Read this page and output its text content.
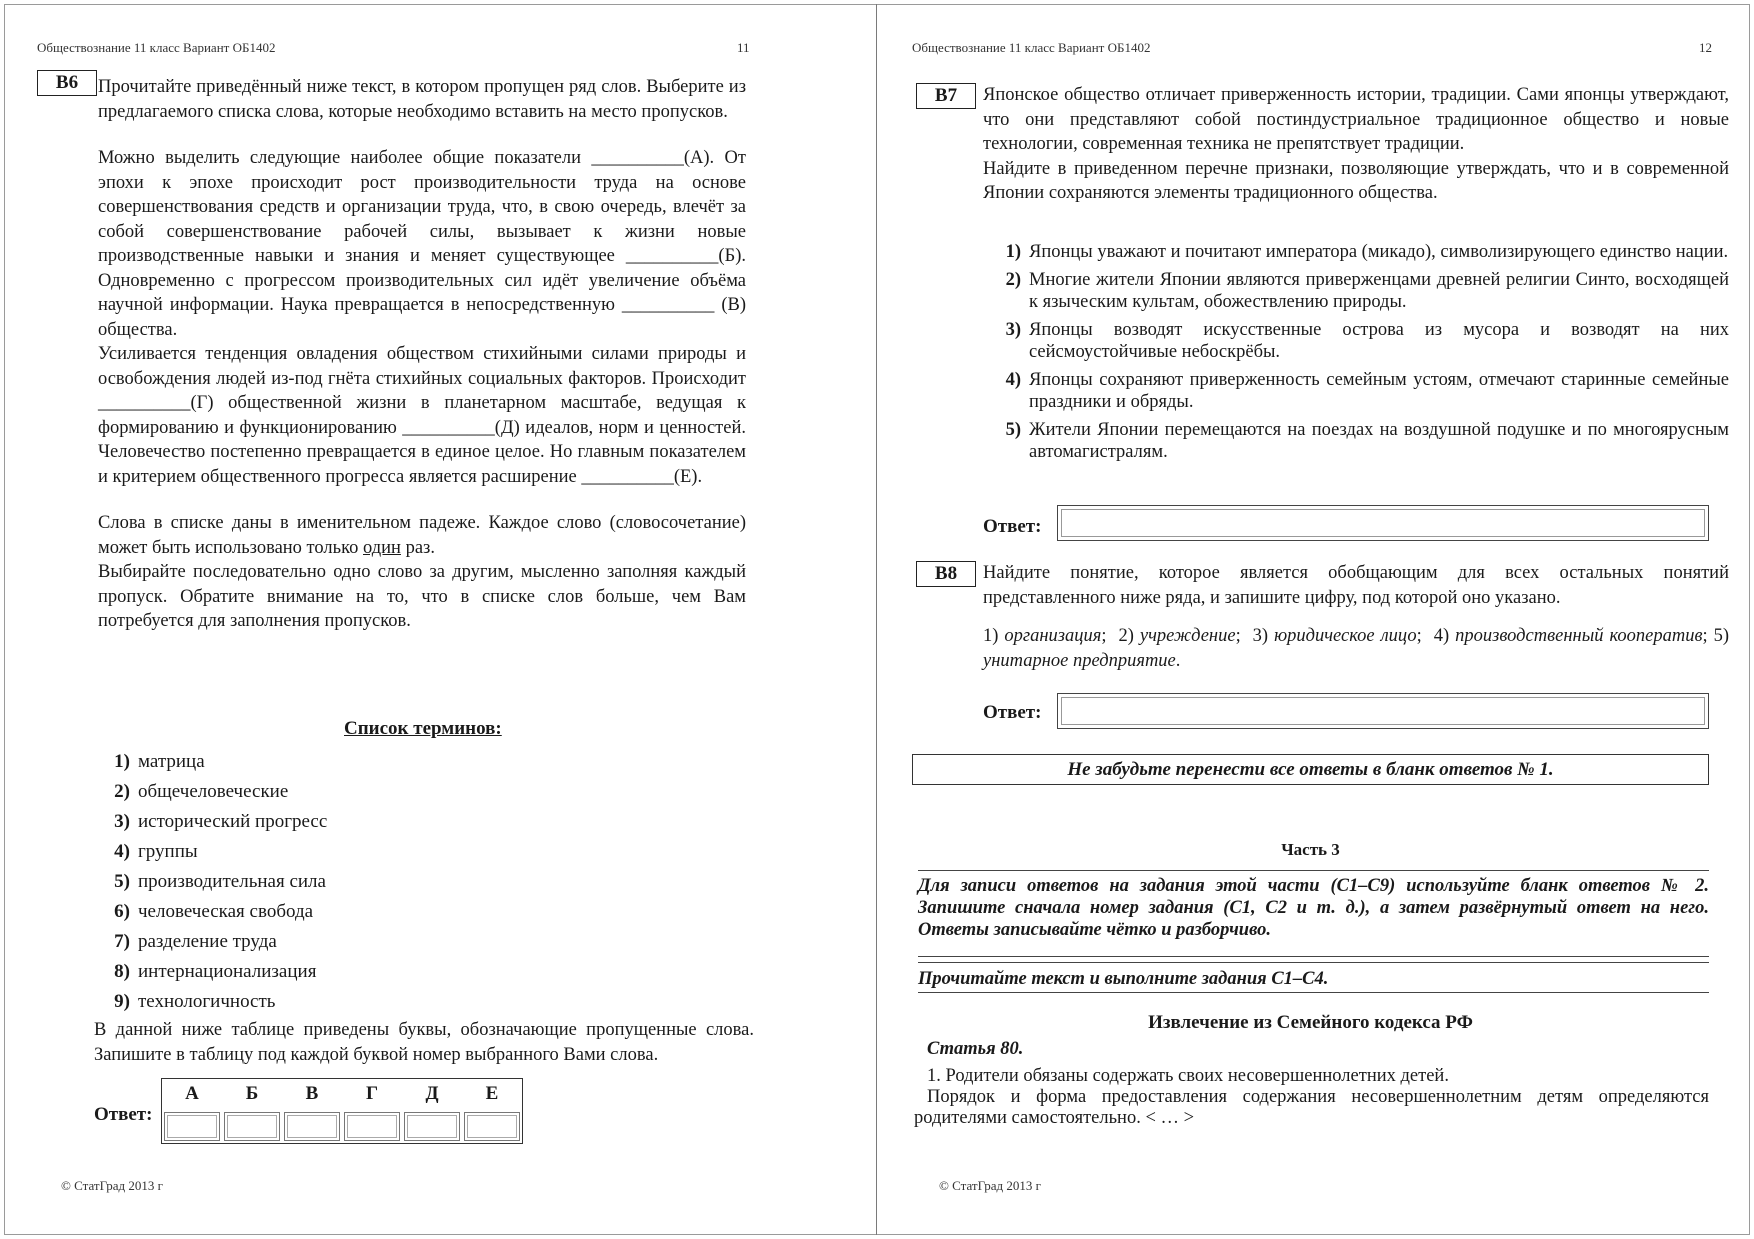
Обществознание 11 класс Вариант ОБ1402	11
В6	Прочитайте приведённый ниже текст, в котором пропущен ряд слов. Выберите из предлагаемого списка слова, которые необходимо вставить на место пропусков.

Можно выделить следующие наиболее общие показатели __________(А). От эпохи к эпохе происходит рост производительности труда на основе совершенствования средств и организации труда, что, в свою очередь, влечёт за собой совершенствование рабочей силы, вызывает к жизни новые производственные навыки и знания и меняет существующее __________(Б). Одновременно с прогрессом производительных сил идёт увеличение объёма научной информации. Наука превращается в непосредственную __________ (В) общества.

Усиливается тенденция овладения обществом стихийными силами природы и освобождения людей из-под гнёта стихийных социальных факторов. Происходит __________(Г) общественной жизни в планетарном масштабе, ведущая к формированию и функционированию __________(Д) идеалов, норм и ценностей. Человечество постепенно превращается в единое целое. Но главным показателем и критерием общественного прогресса является расширение __________(Е).

Слова в списке даны в именительном падеже. Каждое слово (словосочетание) может быть использовано только один раз.

Выбирайте последовательно одно слово за другим, мысленно заполняя каждый пропуск. Обратите внимание на то, что в списке слов больше, чем Вам потребуется для заполнения пропусков.

Список терминов:
1) матрица
2) общечеловеческие
3) исторический прогресс
4) группы
5) производительная сила
6) человеческая свобода
7) разделение труда
8) интернационализация
9) технологичность
В данной ниже таблице приведены буквы, обозначающие пропущенные слова. Запишите в таблицу под каждой буквой номер выбранного Вами слова.
Ответ:
А	Б	В	Г	Д	Е

© СтатГрад 2013 г
Обществознание 11 класс Вариант ОБ1402	12
В7	Японское общество отличает приверженность истории, традиции. Сами японцы утверждают, что они представляют собой постиндустриальное традиционное общество и новые технологии, современная техника не препятствует традиции.

Найдите в приведенном перечне признаки, позволяющие утверждать, что и в современной Японии сохраняются элементы традиционного общества.

1) Японцы уважают и почитают императора (микадо), символизирующего единство нации.
2) Многие жители Японии являются приверженцами древней религии Синто, восходящей к языческим культам, обожествлению природы.
3) Японцы возводят искусственные острова из мусора и возводят на них сейсмоустойчивые небоскрёбы.
4) Японцы сохраняют приверженность семейным устоям, отмечают старинные семейные праздники и обряды.
5) Жители Японии перемещаются на поездах на воздушной подушке и по многоярусным автомагистралям.
Ответ:
В8	Найдите понятие, которое является обобщающим для всех остальных понятий представленного ниже ряда, и запишите цифру, под которой оно указано.
1) организация;  2) учреждение;  3) юридическое лицо;  4) производственный кооператив; 5) унитарное предприятие.
Ответ:
Не забудьте перенести все ответы в бланк ответов № 1.
Часть 3
Для записи ответов на задания этой части (С1–С9) используйте бланк ответов № 2. Запишите сначала номер задания (С1, С2 и т. д.), а затем развёрнутый ответ на него. Ответы записывайте чётко и разборчиво.
Прочитайте текст и выполните задания С1–С4.
Извлечение из Семейного кодекса РФ
Статья 80.
1. Родители обязаны содержать своих несовершеннолетних детей.
Порядок и форма предоставления содержания несовершеннолетним детям определяются родителями самостоятельно. < … >
© СтатГрад 2013 г
